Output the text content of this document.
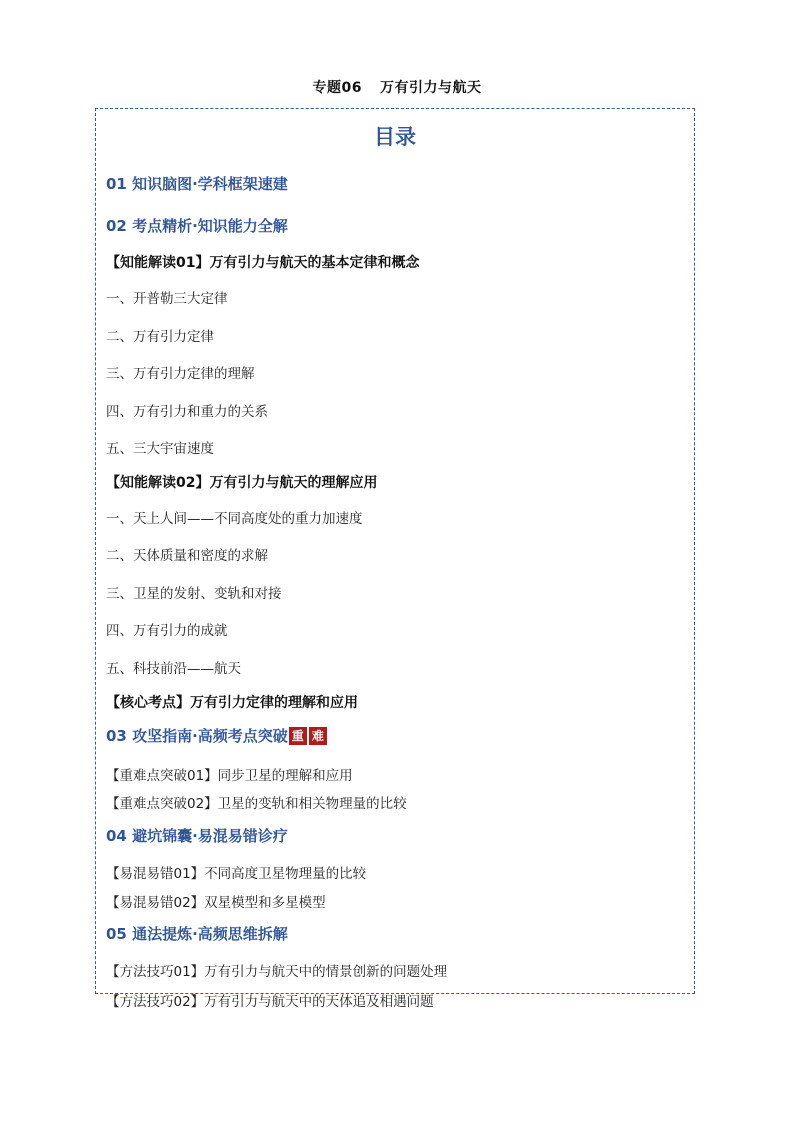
专题06 万有引力与航天
目录
01 知识脑图·学科框架速建
02 考点精析·知识能力全解
【知能解读01】万有引力与航天的基本定律和概念
一、开普勒三大定律
二、万有引力定律
三、万有引力定律的理解
四、万有引力和重力的关系
五、三大宇宙速度
【知能解读02】万有引力与航天的理解应用
一、天上人间——不同高度处的重力加速度
二、天体质量和密度的求解
三、卫星的发射、变轨和对接
四、万有引力的成就
五、科技前沿——航天
【核心考点】万有引力定律的理解和应用
03 攻坚指南·高频考点突破 重 难
【重难点突破01】同步卫星的理解和应用
【重难点突破02】卫星的变轨和相关物理量的比较
04 避坑锦囊·易混易错诊疗
【易混易错01】不同高度卫星物理量的比较
【易混易错02】双星模型和多星模型
05 通法提炼·高频思维拆解
【方法技巧01】万有引力与航天中的情景创新的问题处理
【方法技巧02】万有引力与航天中的天体追及相遇问题
